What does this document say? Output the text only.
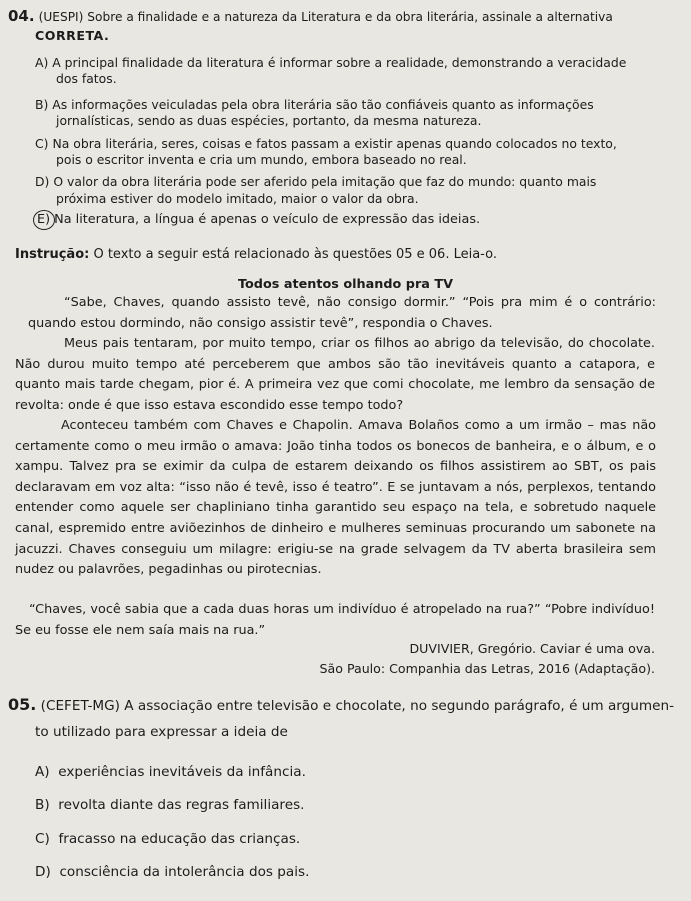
04. (UESPI) Sobre a finalidade e a natureza da Literatura e da obra literária, assinale a alternativa
CORRETA.
A) A principal finalidade da literatura é informar sobre a realidade, demonstrando a veracidade
dos fatos.
B) As informações veiculadas pela obra literária são tão confiáveis quanto as informações
jornalísticas, sendo as duas espécies, portanto, da mesma natureza.
C) Na obra literária, seres, coisas e fatos passam a existir apenas quando colocados no texto,
pois o escritor inventa e cria um mundo, embora baseado no real.
D) O valor da obra literária pode ser aferido pela imitação que faz do mundo: quanto mais
próxima estiver do modelo imitado, maior o valor da obra.
E) Na literatura, a língua é apenas o veículo de expressão das ideias.
Instrução: O texto a seguir está relacionado às questões 05 e 06. Leia-o.
Todos atentos olhando pra TV
“Sabe, Chaves, quando assisto tevê, não consigo dormir.” “Pois pra mim é o contrário: quando estou dormindo, não consigo assistir tevê”, respondia o Chaves.
Meus pais tentaram, por muito tempo, criar os filhos ao abrigo da televisão, do chocolate. Não durou muito tempo até perceberem que ambos são tão inevitáveis quanto a catapora, e quanto mais tarde chegam, pior é. A primeira vez que comi chocolate, me lembro da sensação de revolta: onde é que isso estava escondido esse tempo todo?
Aconteceu também com Chaves e Chapolin. Amava Bolaños como a um irmão – mas não certamente como o meu irmão o amava: João tinha todos os bonecos de banheira, e o álbum, e o xampu. Talvez pra se eximir da culpa de estarem deixando os filhos assistirem ao SBT, os pais declaravam em voz alta: “isso não é tevê, isso é teatro”. E se juntavam a nós, perplexos, tentando entender como aquele ser chapliniano tinha garantido seu espaço na tela, e sobretudo naquele canal, espremido entre aviõezinhos de dinheiro e mulheres seminuas procurando um sabonete na jacuzzi. Chaves conseguiu um milagre: erigiu-se na grade selvagem da TV aberta brasileira sem nudez ou palavrões, pegadinhas ou pirotecnias.
“Chaves, você sabia que a cada duas horas um indivíduo é atropelado na rua?” “Pobre indivíduo! Se eu fosse ele nem saía mais na rua.”
DUVIVIER, Gregório. Caviar é uma ova.
São Paulo: Companhia das Letras, 2016 (Adaptação).
05. (CEFET-MG) A associação entre televisão e chocolate, no segundo parágrafo, é um argumen-
to utilizado para expressar a ideia de
A) experiências inevitáveis da infância.
B) revolta diante das regras familiares.
C) fracasso na educação das crianças.
D) consciência da intolerância dos pais.
